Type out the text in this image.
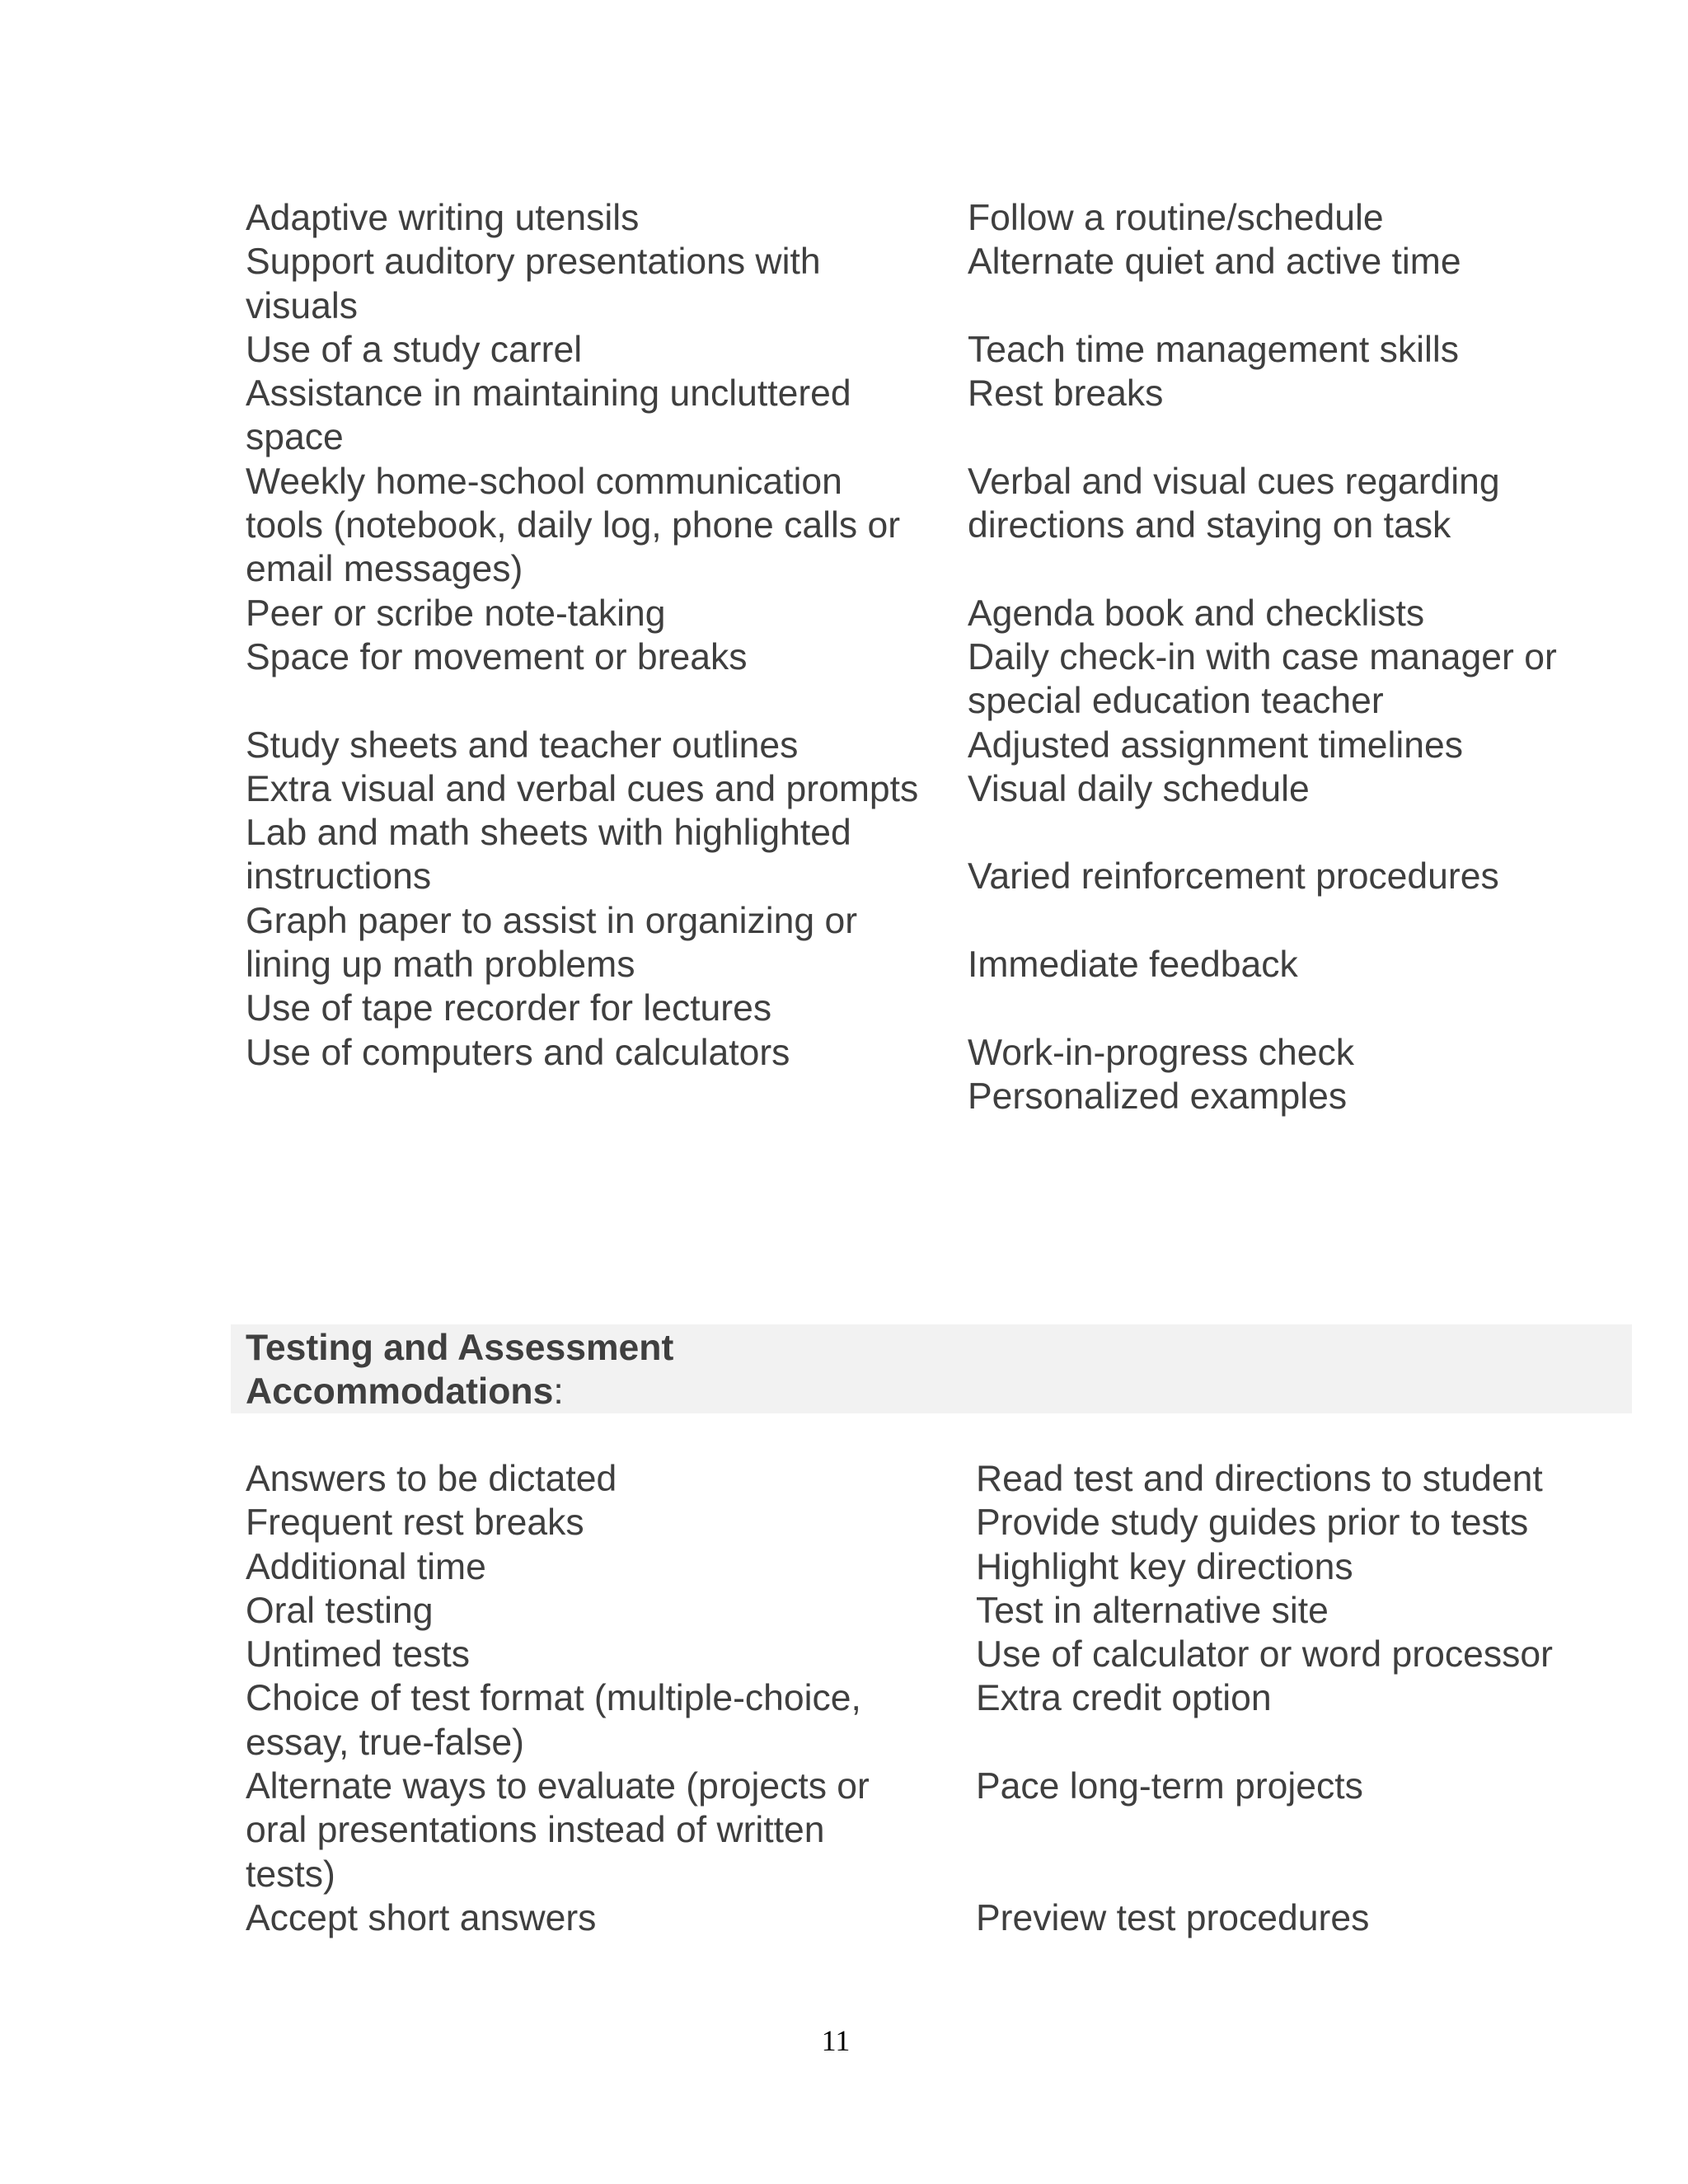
Adaptive writing utensils
Support auditory presentations with visuals
Use of a study carrel
Assistance in maintaining uncluttered space
Weekly home-school communication tools (notebook, daily log, phone calls or email messages)
Peer or scribe note-taking
Space for movement or breaks
Study sheets and teacher outlines
Extra visual and verbal cues and prompts
Lab and math sheets with highlighted instructions
Graph paper to assist in organizing or lining up math problems
Use of tape recorder for lectures
Use of computers and calculators
Follow a routine/schedule
Alternate quiet and active time
Teach time management skills
Rest breaks
Verbal and visual cues regarding directions and staying on task
Agenda book and checklists
Daily check-in with case manager or special education teacher
Adjusted assignment timelines
Visual daily schedule
Varied reinforcement procedures
Immediate feedback
Work-in-progress check
Personalized examples
Testing and Assessment Accommodations:
Answers to be dictated
Frequent rest breaks
Additional time
Oral testing
Untimed tests
Choice of test format (multiple-choice, essay, true-false)
Alternate ways to evaluate (projects or oral presentations instead of written tests)
Accept short answers
Read test and directions to student
Provide study guides prior to tests
Highlight key directions
Test in alternative site
Use of calculator or word processor
Extra credit option
Pace long-term projects
Preview test procedures
11
